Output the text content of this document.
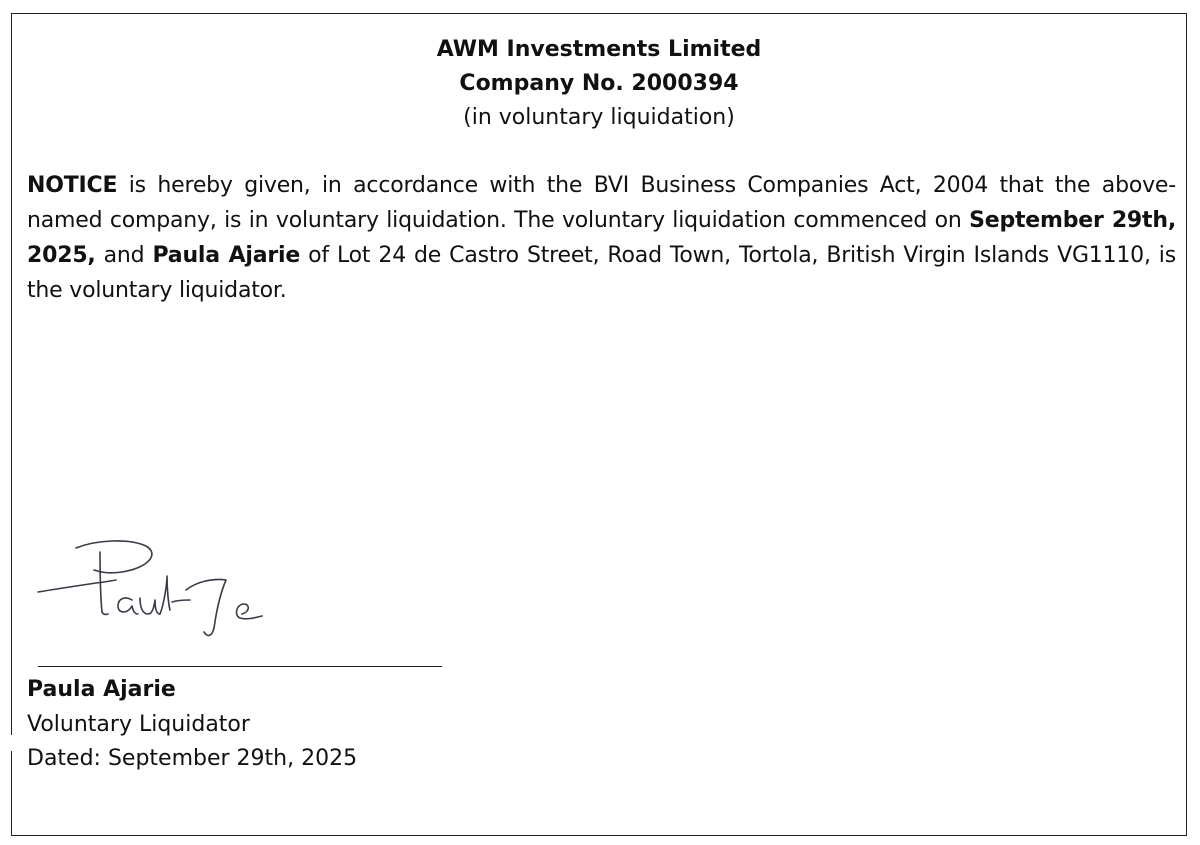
AWM Investments Limited
Company No. 2000394
(in voluntary liquidation)

NOTICE is hereby given, in accordance with the BVI Business Companies Act, 2004 that the above-named company, is in voluntary liquidation. The voluntary liquidation commenced on September 29th, 2025, and Paula Ajarie of Lot 24 de Castro Street, Road Town, Tortola, British Virgin Islands VG1110, is the voluntary liquidator.

Paula Ajarie
Voluntary Liquidator
Dated: September 29th, 2025
